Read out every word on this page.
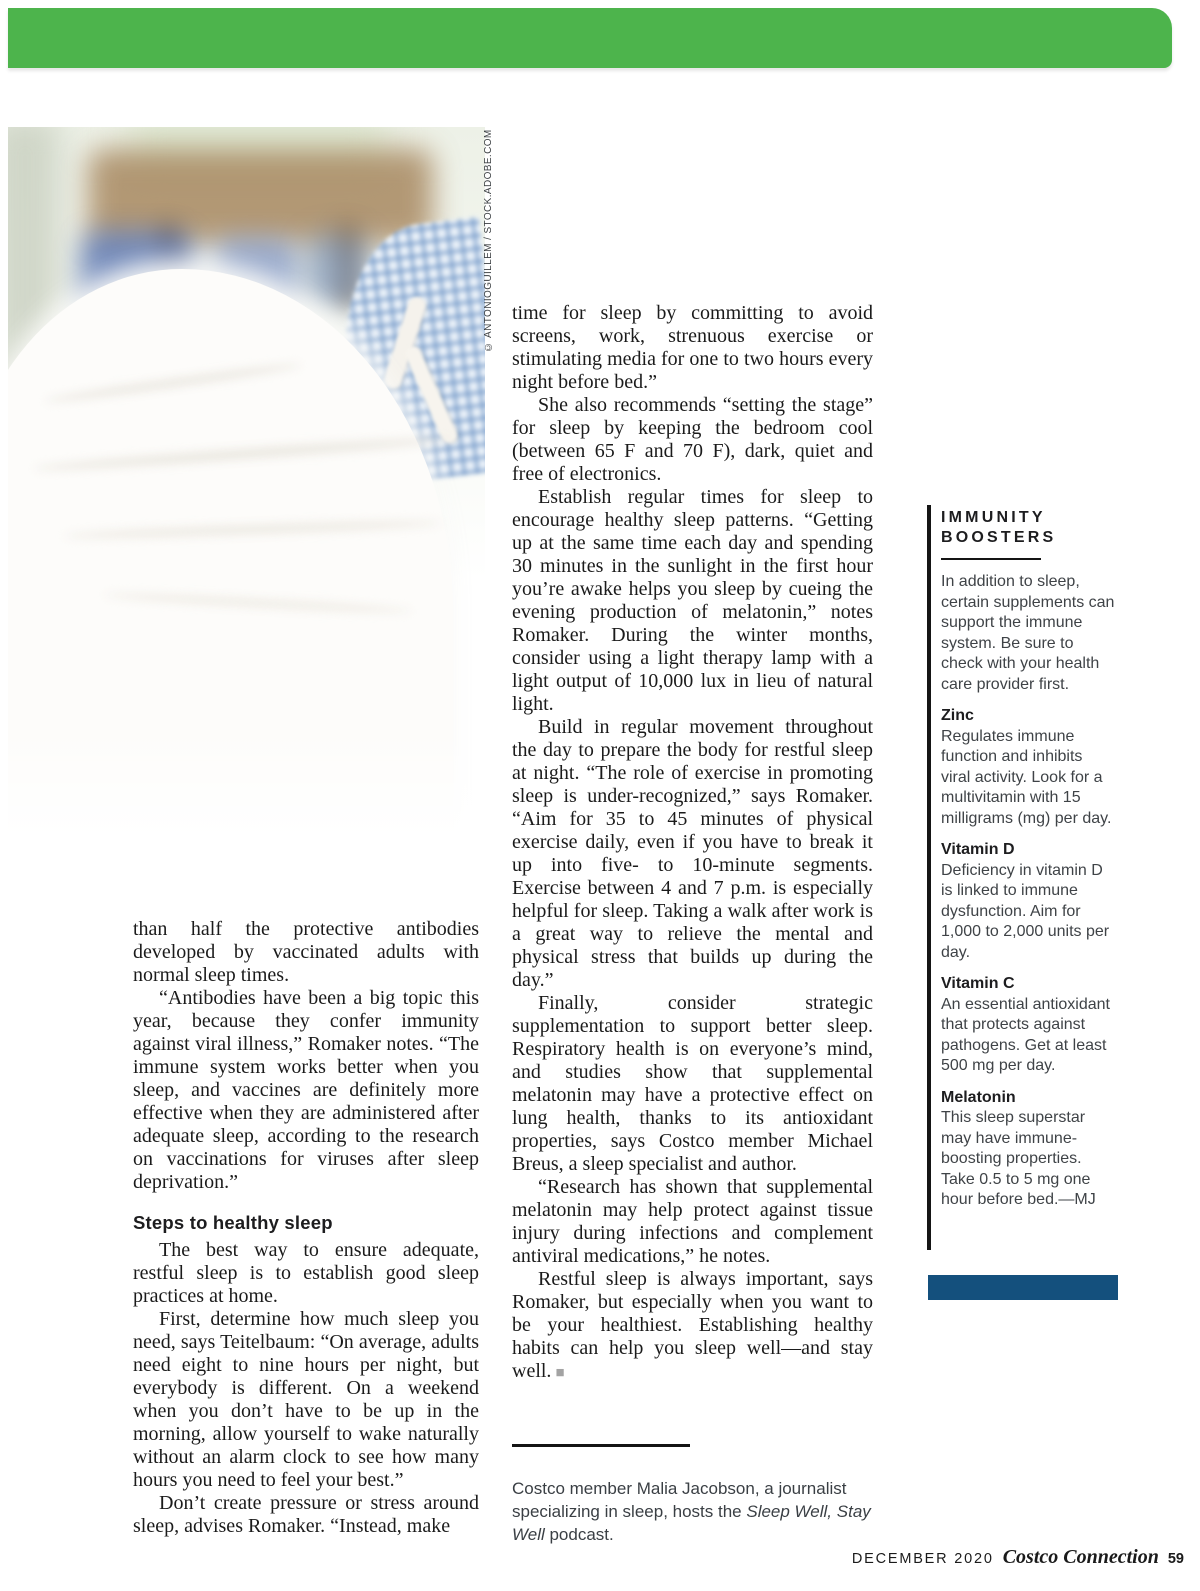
© ANTONIOGUILLEM / STOCK.ADOBE.COM

than half the protective antibodies developed by vaccinated adults with normal sleep times.

“Antibodies have been a big topic this year, because they confer immunity against viral illness,” Romaker notes. “The immune system works better when you sleep, and vaccines are definitely more effective when they are administered after adequate sleep, according to the research on vaccinations for viruses after sleep deprivation.”

Steps to healthy sleep

The best way to ensure adequate, restful sleep is to establish good sleep practices at home.

First, determine how much sleep you need, says Teitelbaum: “On average, adults need eight to nine hours per night, but everybody is different. On a weekend when you don’t have to be up in the morning, allow yourself to wake naturally without an alarm clock to see how many hours you need to feel your best.”

Don’t create pressure or stress around sleep, advises Romaker. “Instead, make

time for sleep by committing to avoid screens, work, strenuous exercise or stimulating media for one to two hours every night before bed.”

She also recommends “setting the stage” for sleep by keeping the bedroom cool (between 65 F and 70 F), dark, quiet and free of electronics.

Establish regular times for sleep to encourage healthy sleep patterns. “Getting up at the same time each day and spending 30 minutes in the sunlight in the first hour you’re awake helps you sleep by cueing the evening production of melatonin,” notes Romaker. During the winter months, consider using a light therapy lamp with a light output of 10,000 lux in lieu of natural light.

Build in regular movement throughout the day to prepare the body for restful sleep at night. “The role of exercise in promoting sleep is under-recognized,” says Romaker. “Aim for 35 to 45 minutes of physical exercise daily, even if you have to break it up into five- to 10-minute segments. Exercise between 4 and 7 p.m. is especially helpful for sleep. Taking a walk after work is a great way to relieve the mental and physical stress that builds up during the day.”

Finally, consider strategic supplementation to support better sleep. Respiratory health is on everyone’s mind, and studies show that supplemental melatonin may have a protective effect on lung health, thanks to its antioxidant properties, says Costco member Michael Breus, a sleep specialist and author.

“Research has shown that supplemental melatonin may help protect against tissue injury during infections and complement antiviral medications,” he notes.

Restful sleep is always important, says Romaker, but especially when you want to be your healthiest. Establishing healthy habits can help you sleep well—and stay well. ■

Costco member Malia Jacobson, a journalist specializing in sleep, hosts the Sleep Well, Stay Well podcast.

IMMUNITY
BOOSTERS

In addition to sleep, certain supplements can support the immune system. Be sure to check with your health care provider first.

Zinc

Regulates immune function and inhibits viral activity. Look for a multivitamin with 15 milligrams (mg) per day.

Vitamin D

Deficiency in vitamin D is linked to immune dysfunction. Aim for 1,000 to 2,000 units per day.

Vitamin C

An essential antioxidant that protects against pathogens. Get at least 500 mg per day.

Melatonin

This sleep superstar may have immune-boosting properties. Take 0.5 to 5 mg one hour before bed.—MJ

DECEMBER 2020 Costco Connection 59
